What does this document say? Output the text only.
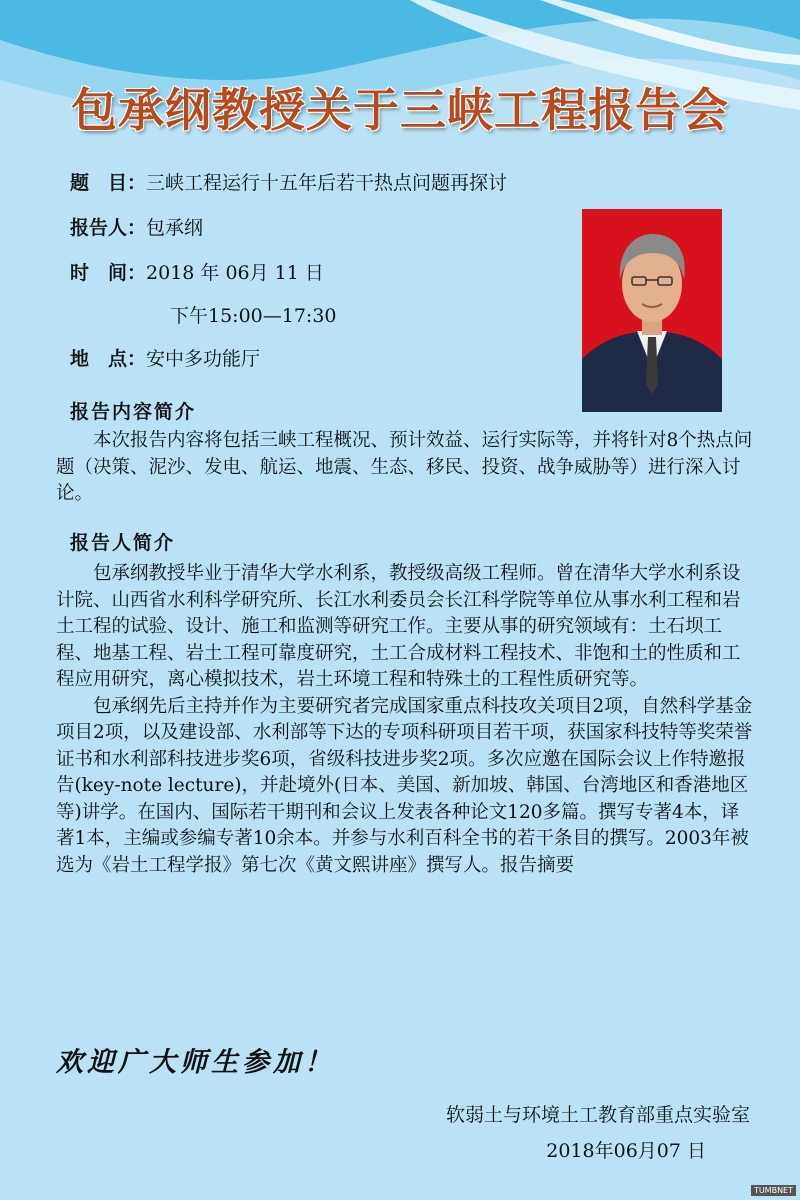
包承纲教授关于三峡工程报告会
题　目：三峡工程运行十五年后若干热点问题再探讨
报告人：包承纲
时　间：2018 年 06月 11 日
下午15:00—17:30
地　点：安中多功能厅
报告内容简介

本次报告内容将包括三峡工程概况、预计效益、运行实际等，并将针对8个热点问题（决策、泥沙、发电、航运、地震、生态、移民、投资、战争威胁等）进行深入讨论。

报告人简介

包承纲教授毕业于清华大学水利系，教授级高级工程师。曾在清华大学水利系设计院、山西省水利科学研究所、长江水利委员会长江科学院等单位从事水利工程和岩土工程的试验、设计、施工和监测等研究工作。主要从事的研究领域有：土石坝工程、地基工程、岩土工程可靠度研究，土工合成材料工程技术、非饱和土的性质和工程应用研究，离心模拟技术，岩土环境工程和特殊土的工程性质研究等。

包承纲先后主持并作为主要研究者完成国家重点科技攻关项目2项，自然科学基金项目2项，以及建设部、水利部等下达的专项科研项目若干项，获国家科技特等奖荣誉证书和水利部科技进步奖6项，省级科技进步奖2项。多次应邀在国际会议上作特邀报告(key-note lecture)，并赴境外(日本、美国、新加坡、韩国、台湾地区和香港地区等)讲学。在国内、国际若干期刊和会议上发表各种论文120多篇。撰写专著4本，译著1本，主编或参编专著10余本。并参与水利百科全书的若干条目的撰写。2003年被选为《岩土工程学报》第七次《黄文熙讲座》撰写人。报告摘要

欢迎广大师生参加！
软弱土与环境土工教育部重点实验室
2018年06月07 日
TUMBNET
